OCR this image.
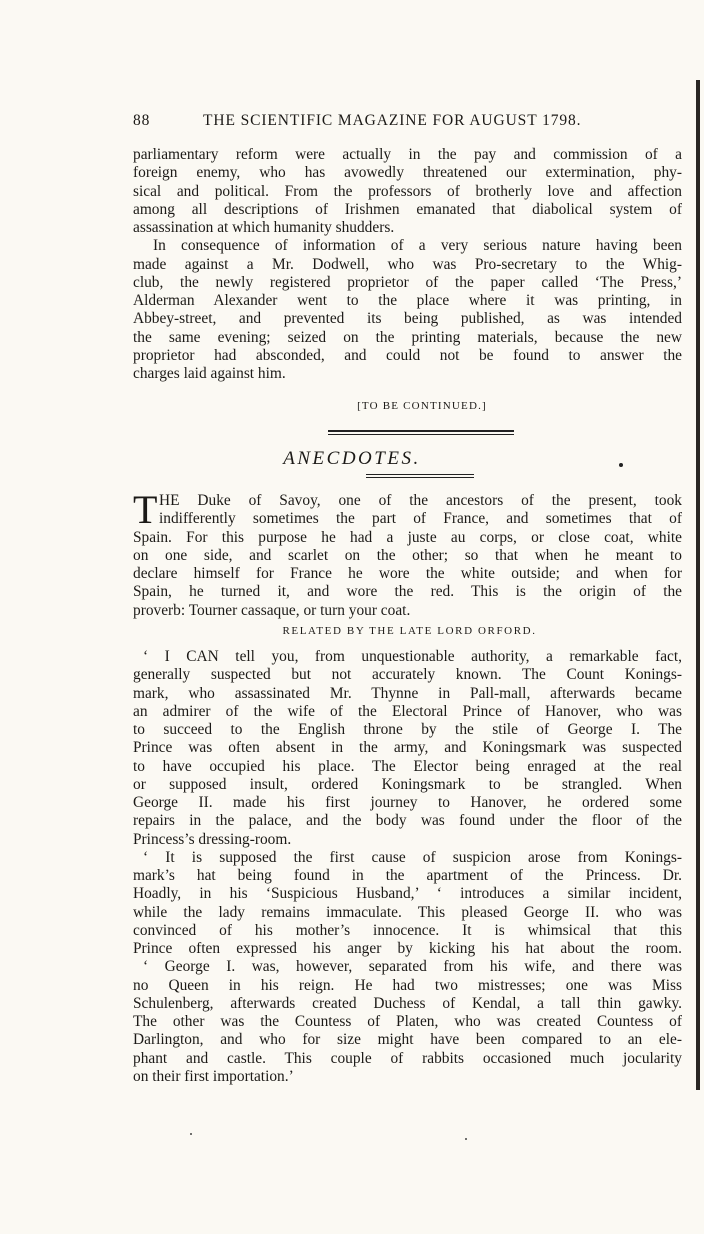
88	THE SCIENTIFIC MAGAZINE FOR AUGUST 1798.
parliamentary reform were actually in the pay and commission of a
foreign enemy, who has avowedly threatened our extermination, phy-
sical and political. From the professors of brotherly love and affection
among all descriptions of Irishmen emanated that diabolical system of
assassination at which humanity shudders.
In consequence of information of a very serious nature having been
made against a Mr. Dodwell, who was Pro-secretary to the Whig-
club, the newly registered proprietor of the paper called ‘The Press,’
Alderman Alexander went to the place where it was printing, in
Abbey-street, and prevented its being published, as was intended
the same evening; seized on the printing materials, because the new
proprietor had absconded, and could not be found to answer the
charges laid against him.
[TO BE CONTINUED.]
ANECDOTES.
T HE Duke of Savoy, one of the ancestors of the present, took
indifferently sometimes the part of France, and sometimes that of
Spain. For this purpose he had a juste au corps, or close coat, white
on one side, and scarlet on the other; so that when he meant to
declare himself for France he wore the white outside; and when for
Spain, he turned it, and wore the red. This is the origin of the
proverb: Tourner cassaque, or turn your coat.
RELATED BY THE LATE LORD ORFORD.
‘ I CAN tell you, from unquestionable authority, a remarkable fact,
generally suspected but not accurately known. The Count Konings-
mark, who assassinated Mr. Thynne in Pall-mall, afterwards became
an admirer of the wife of the Electoral Prince of Hanover, who was
to succeed to the English throne by the stile of George I. The
Prince was often absent in the army, and Koningsmark was suspected
to have occupied his place. The Elector being enraged at the real
or supposed insult, ordered Koningsmark to be strangled. When
George II. made his first journey to Hanover, he ordered some
repairs in the palace, and the body was found under the floor of the
Princess’s dressing-room.
‘ It is supposed the first cause of suspicion arose from Konings-
mark’s hat being found in the apartment of the Princess. Dr.
Hoadly, in his ‘Suspicious Husband,’ ‘ introduces a similar incident,
while the lady remains immaculate. This pleased George II. who was
convinced of his mother’s innocence. It is whimsical that this
Prince often expressed his anger by kicking his hat about the room.
‘ George I. was, however, separated from his wife, and there was
no Queen in his reign. He had two mistresses; one was Miss
Schulenberg, afterwards created Duchess of Kendal, a tall thin gawky.
The other was the Countess of Platen, who was created Countess of
Darlington, and who for size might have been compared to an ele-
phant and castle. This couple of rabbits occasioned much jocularity
on their first importation.’
